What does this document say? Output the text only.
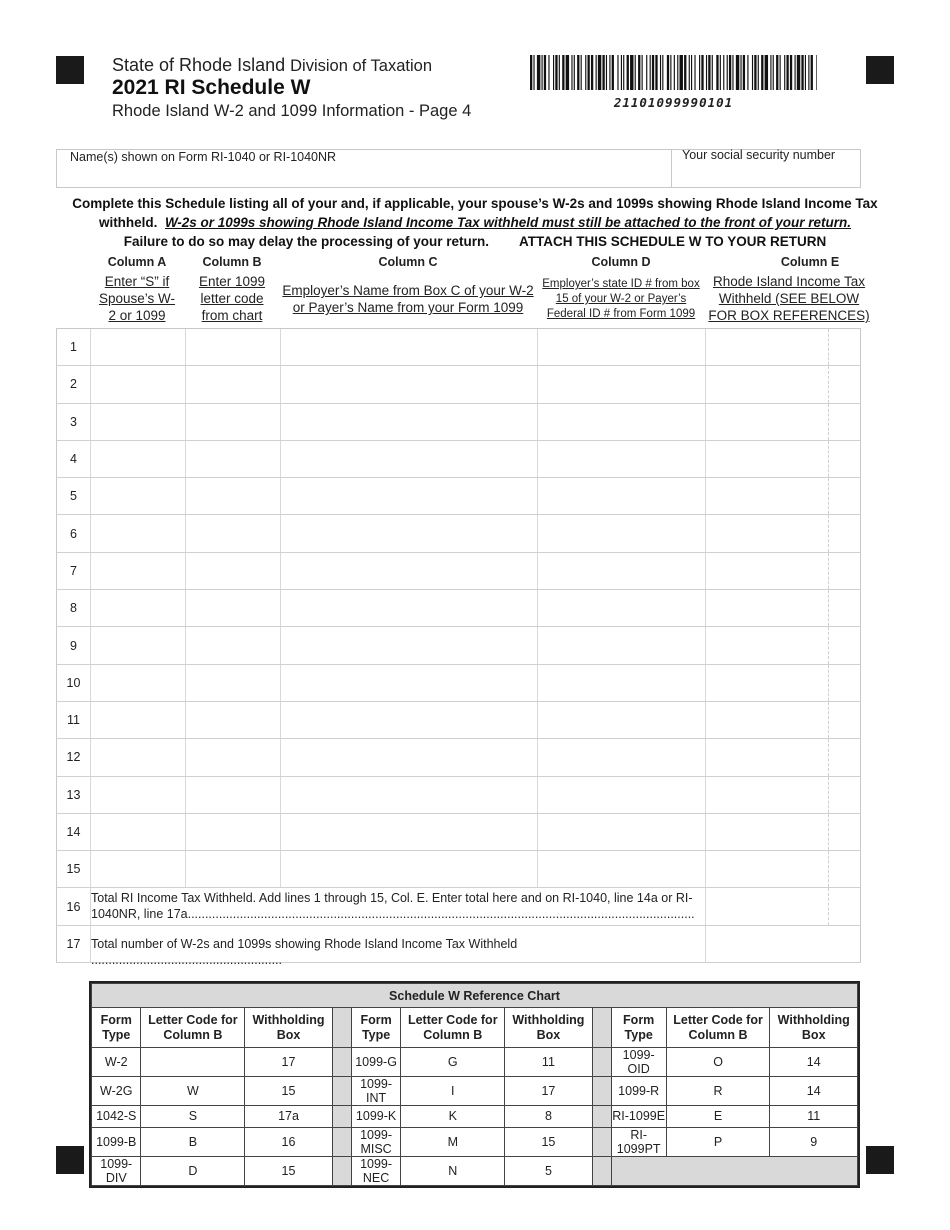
State of Rhode Island Division of Taxation
2021 RI Schedule W
Rhode Island W-2 and 1099 Information - Page 4	21101099990101
Name(s) shown on Form RI-1040 or RI-1040NR	Your social security number
Complete this Schedule listing all of your and, if applicable, your spouse’s W-2s and 1099s showing Rhode Island Income Tax
withheld. W-2s or 1099s showing Rhode Island Income Tax withheld must still be attached to the front of your return.
Failure to do so may delay the processing of your return. ATTACH THIS SCHEDULE W TO YOUR RETURN
Column A	Column B	Column C	Column D	Column E
Enter “S” if Spouse’s W-2 or 1099
Enter 1099 letter code from chart
Employer’s Name from Box C of your W-2 or Payer’s Name from your Form 1099
Employer’s state ID # from box 15 of your W-2 or Payer’s Federal ID # from Form 1099
Rhode Island Income Tax Withheld (SEE BELOW FOR BOX REFERENCES)
1
2
3
4
5
6
7
8
9
10
11
12
13
14
15
16
Total RI Income Tax Withheld. Add lines 1 through 15, Col. E. Enter total here and on RI-1040, line 14a or RI-1040NR, line 17a..................................................................................................................................................
17 Total number of W-2s and 1099s showing Rhode Island Income Tax Withheld .......................................................
Schedule W Reference Chart										
Form Type	Letter Code for Column B	Withholding Box		Form Type	Letter Code for Column B	Withholding Box		Form Type	Letter Code for Column B	Withholding Box
W-2		17		1099-G	G	11		1099-OID	O	14
W-2G	W	15		1099-INT	I	17		1099-R	R	14
1042-S	S	17a		1099-K	K	8		RI-1099E	E	11
1099-B	B	16		1099-MISC	M	15		RI-1099PT	P	9
1099-DIV	D	15		1099-NEC	N	5				
